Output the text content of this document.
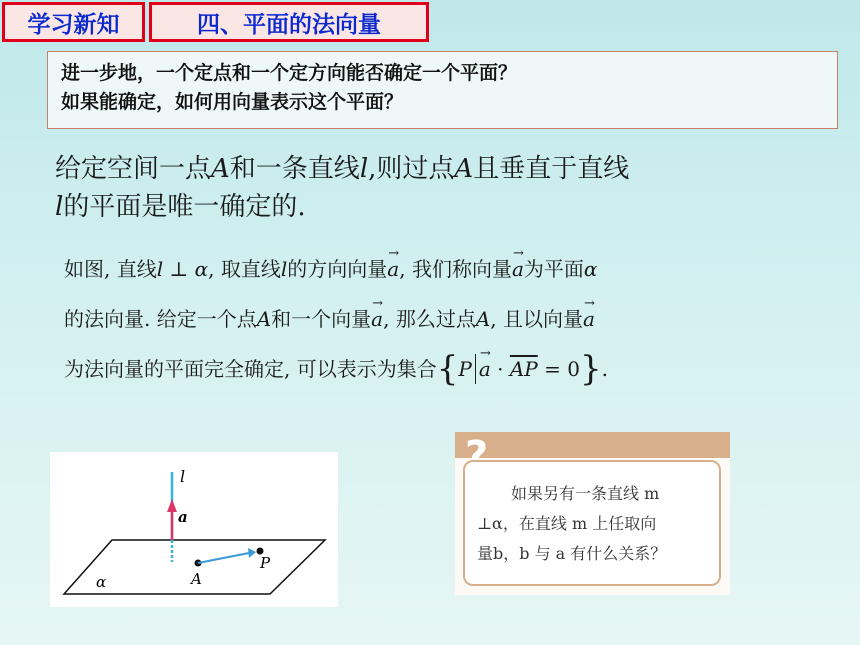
学习新知	四、平面的法向量
进一步地，一个定点和一个定方向能否确定一个平面？
如果能确定，如何用向量表示这个平面？
给定空间一点A和一条直线l,则过点A且垂直于直线
l的平面是唯一确定的.
如图, 直线l ⊥ α, 取直线l的方向向量→ a, 我们称向量→ a为平面α
的法向量. 给定一个点A和一个向量→ a, 那么过点A, 且以向量→ a
为法向量的平面完全确定, 可以表示为集合$\{P \to a \cdot \overline{AP} = 0\}$.
l
a
A
P
α
?
如果另有一条直线 m
⊥α，在直线 m 上任取向
量b，b 与 a 有什么关系？
